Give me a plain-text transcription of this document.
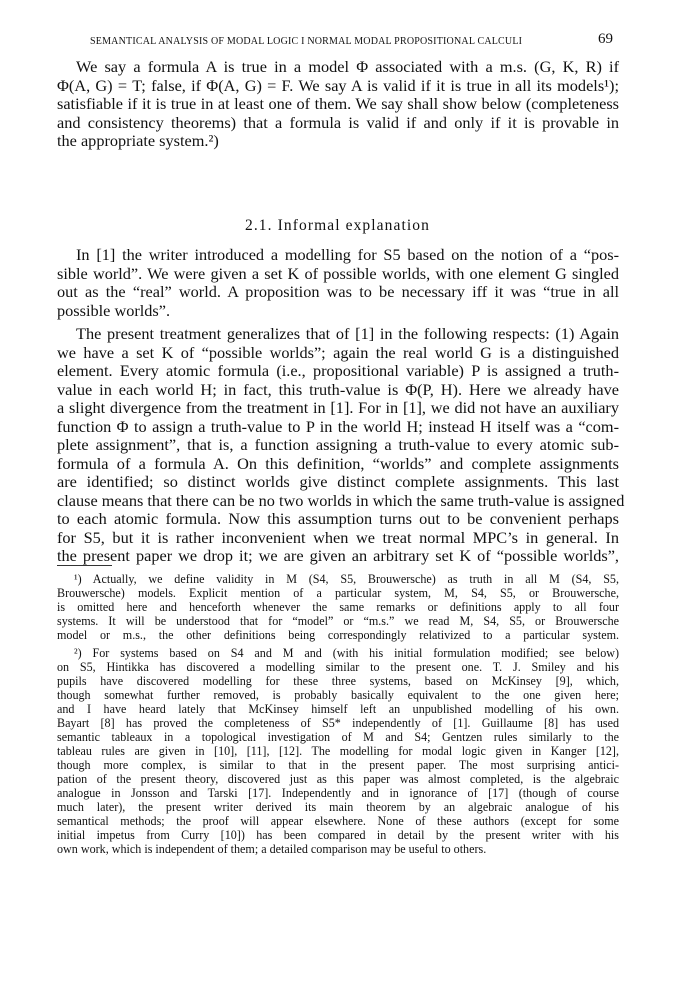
SEMANTICAL ANALYSIS OF MODAL LOGIC I NORMAL MODAL PROPOSITIONAL CALCULI	69
We say a formula A is true in a model Φ associated with a m.s. (G, K, R) if
Φ(A, G) = T; false, if Φ(A, G) = F. We say A is valid if it is true in all its models¹);
satisfiable if it is true in at least one of them. We say shall show below (completeness
and consistency theorems) that a formula is valid if and only if it is provable in
the appropriate system.²)
2.1. Informal explanation
In [1] the writer introduced a modelling for S5 based on the notion of a “pos-
sible world”. We were given a set K of possible worlds, with one element G singled
out as the “real” world. A proposition was to be necessary iff it was “true in all
possible worlds”.
The present treatment generalizes that of [1] in the following respects: (1) Again
we have a set K of “possible worlds”; again the real world G is a distinguished
element. Every atomic formula (i.e., propositional variable) P is assigned a truth-
value in each world H; in fact, this truth-value is Φ(P, H). Here we already have
a slight divergence from the treatment in [1]. For in [1], we did not have an auxiliary
function Φ to assign a truth-value to P in the world H; instead H itself was a “com-
plete assignment”, that is, a function assigning a truth-value to every atomic sub-
formula of a formula A. On this definition, “worlds” and complete assignments
are identified; so distinct worlds give distinct complete assignments. This last
clause means that there can be no two worlds in which the same truth-value is assigned
to each atomic formula. Now this assumption turns out to be convenient perhaps
for S5, but it is rather inconvenient when we treat normal MPC’s in general. In
the present paper we drop it; we are given an arbitrary set K of “possible worlds”,
¹) Actually, we define validity in M (S4, S5, Brouwersche) as truth in all M (S4, S5,
Brouwersche) models. Explicit mention of a particular system, M, S4, S5, or Brouwersche,
is omitted here and henceforth whenever the same remarks or definitions apply to all four
systems. It will be understood that for “model” or “m.s.” we read M, S4, S5, or Brouwersche
model or m.s., the other definitions being correspondingly relativized to a particular system.
²) For systems based on S4 and M and (with his initial formulation modified; see below)
on S5, Hintikka has discovered a modelling similar to the present one. T. J. Smiley and his
pupils have discovered modelling for these three systems, based on McKinsey [9], which,
though somewhat further removed, is probably basically equivalent to the one given here;
and I have heard lately that McKinsey himself left an unpublished modelling of his own.
Bayart [8] has proved the completeness of S5* independently of [1]. Guillaume [8] has used
semantic tableaux in a topological investigation of M and S4; Gentzen rules similarly to the
tableau rules are given in [10], [11], [12]. The modelling for modal logic given in Kanger [12],
though more complex, is similar to that in the present paper. The most surprising antici-
pation of the present theory, discovered just as this paper was almost completed, is the algebraic
analogue in Jonsson and Tarski [17]. Independently and in ignorance of [17] (though of course
much later), the present writer derived its main theorem by an algebraic analogue of his
semantical methods; the proof will appear elsewhere. None of these authors (except for some
initial impetus from Curry [10]) has been compared in detail by the present writer with his
own work, which is independent of them; a detailed comparison may be useful to others.
